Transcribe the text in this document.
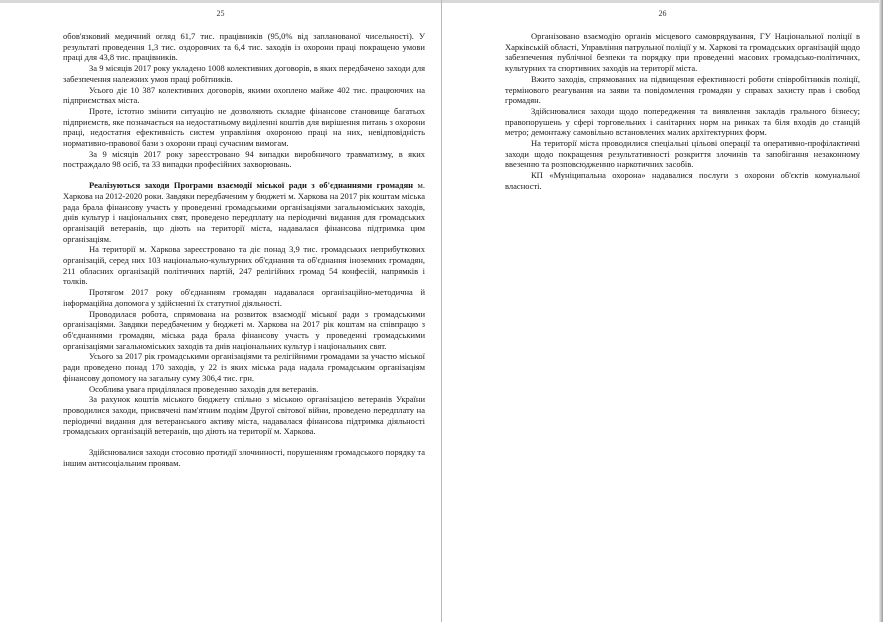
25

обов'язковий медичний огляд 61,7 тис. працівників (95,0% від запланованої чисельності). У результаті проведення 1,3 тис. оздоровчих та 6,4 тис. заходів із охорони праці покращено умови праці для 43,8 тис. працівників.

За 9 місяців 2017 року укладено 1008 колективних договорів, в яких передбачено заходи для забезпечення належних умов праці робітників.

Усього діє 10 387 колективних договорів, якими охоплено майже 402 тис. працюючих на підприємствах міста.

Проте, істотно змінити ситуацію не дозволяють складне фінансове становище багатьох підприємств, яке позначається на недостатньому виділенні коштів для вирішення питань з охорони праці, недостатня ефективність систем управління охороною праці на них, невідповідність нормативно-правової бази з охорони праці сучасним вимогам.

За 9 місяців 2017 року зареєстровано 94 випадки виробничого травматизму, в яких постраждало 98 осіб, та 33 випадки професійних захворювань.

Реалізуються заходи Програми взаємодії міської ради з об'єднаннями громадян м. Харкова на 2012-2020 роки. Завдяки передбаченим у бюджеті м. Харкова на 2017 рік коштам міська рада брала фінансову участь у проведенні громадськими організаціями загальноміських заходів, днів культур і національних свят, проведено передплату на періодичні видання для громадських організацій ветеранів, що діють на території міста, надавалася фінансова підтримка цим організаціям.

На території м. Харкова зареєстровано та діє понад 3,9 тис. громадських неприбуткових організацій, серед них 103 національно-культурних об'єднання та об'єднання іноземних громадян, 211 обласних організацій політичних партій, 247 релігійних громад 54 конфесій, напрямків і толків.

Протягом 2017 року об'єднанням громадян надавалася організаційно-методична й інформаційна допомога у здійсненні їх статутної діяльності.

Проводилася робота, спрямована на розвиток взаємодії міської ради з громадськими організаціями. Завдяки передбаченим у бюджеті м. Харкова на 2017 рік коштам на співпрацю з об'єднаннями громадян, міська рада брала фінансову участь у проведенні громадськими організаціями загальноміських заходів та днів національних культур і національних свят.

Усього за 2017 рік громадськими організаціями та релігійними громадами за участю міської ради проведено понад 170 заходів, у 22 із яких міська рада надала громадським організаціям фінансову допомогу на загальну суму 306,4 тис. грн.

Особлива увага приділялася проведенню заходів для ветеранів.

За рахунок коштів міського бюджету спільно з міською організацією ветеранів України проводилися заходи, присвячені пам'ятним подіям Другої світової війни, проведено передплату на періодичні видання для ветеранського активу міста, надавалася фінансова підтримка діяльності громадських організацій ветеранів, що діють на території м. Харкова.

Здійснювалися заходи стосовно протидії злочинності, порушенням громадського порядку та іншим антисоціальним проявам.

26

Організовано взаємодію органів місцевого самоврядування, ГУ Національної поліції в Харківській області, Управління патрульної поліції у м. Харкові та громадських організацій щодо забезпечення публічної безпеки та порядку при проведенні масових громадсько-політичних, культурних та спортивних заходів на території міста.

Вжито заходів, спрямованих на підвищення ефективності роботи співробітників поліції, термінового реагування на заяви та повідомлення громадян у справах захисту прав і свобод громадян.

Здійснювалися заходи щодо попередження та виявлення закладів грального бізнесу; правопорушень у сфері торговельних і санітарних норм на ринках та біля входів до станцій метро; демонтажу самовільно встановлених малих архітектурних форм.

На території міста проводилися спеціальні цільові операції та оперативно-профілактичні заходи щодо покращення результативності розкриття злочинів та запобігання незаконному ввезенню та розповсюдженню наркотичних засобів.

КП «Муніципальна охорона» надавалися послуги з охорони об'єктів комунальної власності.
